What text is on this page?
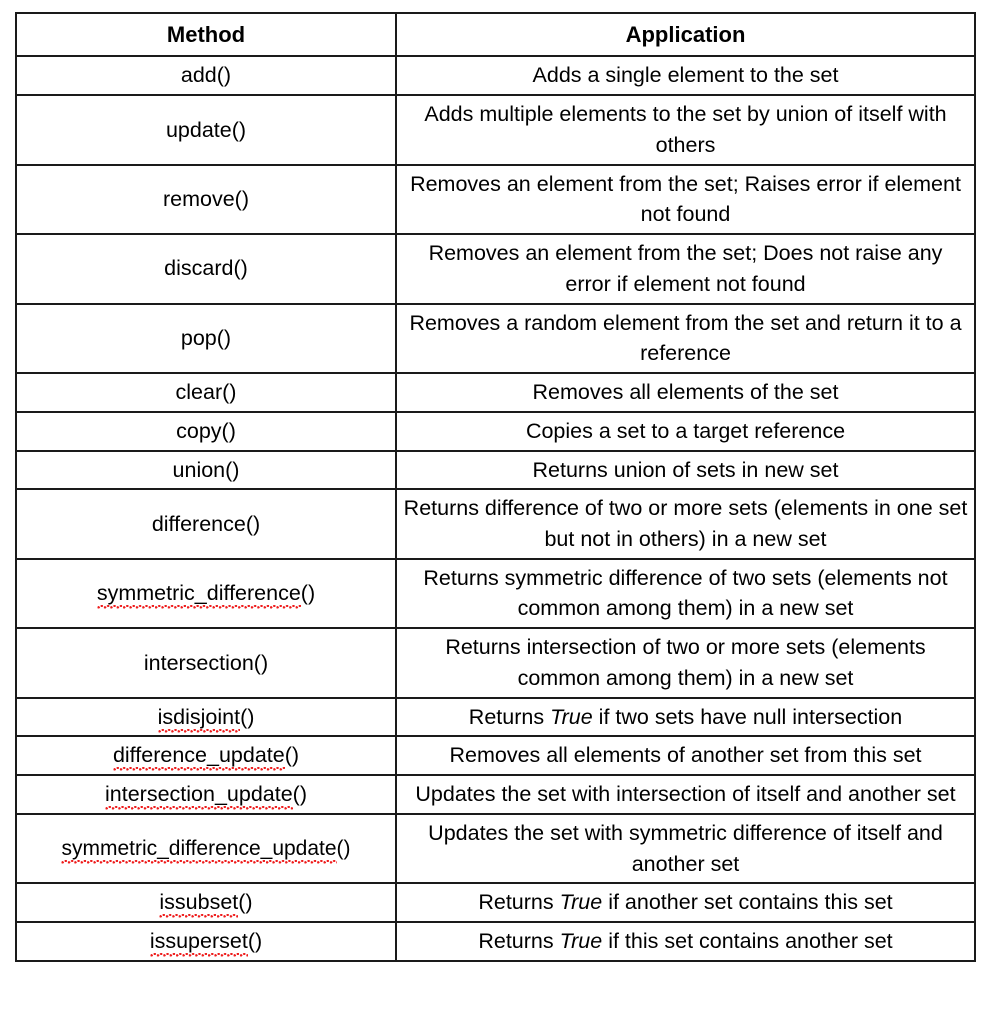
Method	Application
add()	Adds a single element to the set
update()	Adds multiple elements to the set by union of itself with others
remove()	Removes an element from the set; Raises error if element not found
discard()	Removes an element from the set; Does not raise any error if element not found
pop()	Removes a random element from the set and return it to a reference
clear()	Removes all elements of the set
copy()	Copies a set to a target reference
union()	Returns union of sets in new set
difference()	Returns difference of two or more sets (elements in one set but not in others) in a new set
symmetric_difference()	Returns symmetric difference of two sets (elements not common among them) in a new set
intersection()	Returns intersection of two or more sets (elements common among them) in a new set
isdisjoint()	Returns True if two sets have null intersection
difference_update()	Removes all elements of another set from this set
intersection_update()	Updates the set with intersection of itself and another set
symmetric_difference_update()	Updates the set with symmetric difference of itself and another set
issubset()	Returns True if another set contains this set
issuperset()	Returns True if this set contains another set
